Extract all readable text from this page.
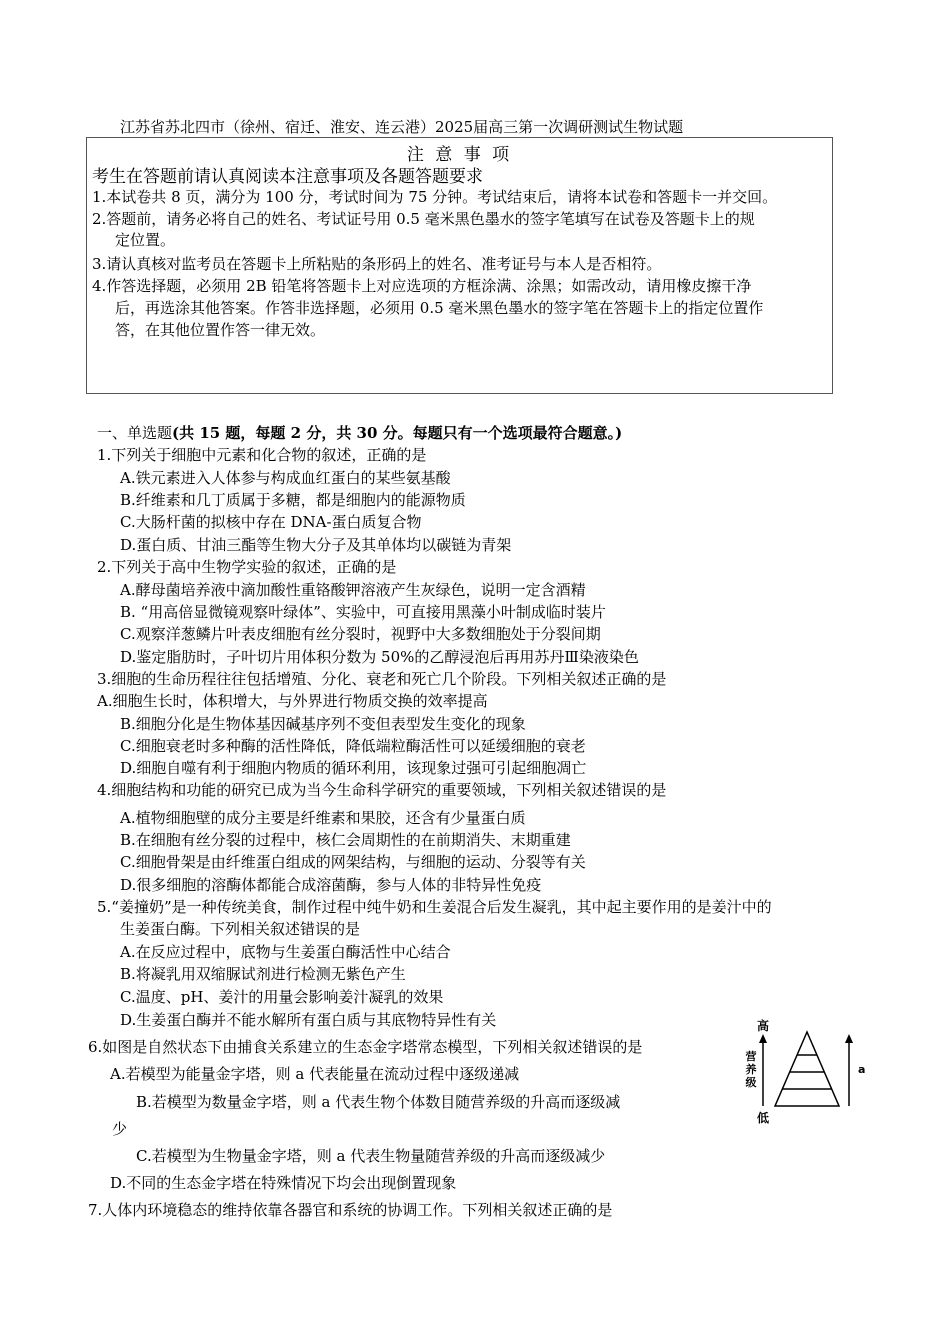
江苏省苏北四市（徐州、宿迁、淮安、连云港）2025届高三第一次调研测试生物试题
注 意 事 项
考生在答题前请认真阅读本注意事项及各题答题要求
1.本试卷共 8 页，满分为 100 分，考试时间为 75 分钟。考试结束后，请将本试卷和答题卡一并交回。
2.答题前，请务必将自己的姓名、考试证号用 0.5 毫米黑色墨水的签字笔填写在试卷及答题卡上的规
定位置。
3.请认真核对监考员在答题卡上所粘贴的条形码上的姓名、准考证号与本人是否相符。
4.作答选择题，必须用 2B 铅笔将答题卡上对应选项的方框涂满、涂黑；如需改动，请用橡皮擦干净
后，再选涂其他答案。作答非选择题，必须用 0.5 毫米黑色墨水的签字笔在答题卡上的指定位置作
答，在其他位置作答一律无效。
一、单选题(共 15 题，每题 2 分，共 30 分。每题只有一个选项最符合题意。)
1.下列关于细胞中元素和化合物的叙述，正确的是
A.铁元素进入人体参与构成血红蛋白的某些氨基酸
B.纤维素和几丁质属于多糖，都是细胞内的能源物质
C.大肠杆菌的拟核中存在 DNA-蛋白质复合物
D.蛋白质、甘油三酯等生物大分子及其单体均以碳链为青架
2.下列关于高中生物学实验的叙述，正确的是
A.酵母菌培养液中滴加酸性重铬酸钾溶液产生灰绿色，说明一定含酒精
B. “用高倍显微镜观察叶绿体”、实验中，可直接用黑藻小叶制成临时装片
C.观察洋葱鳞片叶表皮细胞有丝分裂时，视野中大多数细胞处于分裂间期
D.鉴定脂肪时，子叶切片用体积分数为 50%的乙醇浸泡后再用苏丹Ⅲ染液染色
3.细胞的生命历程往往包括增殖、分化、衰老和死亡几个阶段。下列相关叙述正确的是
A.细胞生长时，体积增大，与外界进行物质交换的效率提高
B.细胞分化是生物体基因碱基序列不变但表型发生变化的现象
C.细胞衰老时多种酶的活性降低，降低端粒酶活性可以延缓细胞的衰老
D.细胞自噬有利于细胞内物质的循环利用，该现象过强可引起细胞凋亡
4.细胞结构和功能的研究已成为当今生命科学研究的重要领域，下列相关叙述错误的是
A.植物细胞壁的成分主要是纤维素和果胶，还含有少量蛋白质
B.在细胞有丝分裂的过程中，核仁会周期性的在前期消失、末期重建
C.细胞骨架是由纤维蛋白组成的网架结构，与细胞的运动、分裂等有关
D.很多细胞的溶酶体都能合成溶菌酶，参与人体的非特异性免疫
5.“姜撞奶”是一种传统美食，制作过程中纯牛奶和生姜混合后发生凝乳，其中起主要作用的是姜汁中的
生姜蛋白酶。下列相关叙述错误的是
A.在反应过程中，底物与生姜蛋白酶活性中心结合
B.将凝乳用双缩脲试剂进行检测无紫色产生
C.温度、pH、姜汁的用量会影响姜汁凝乳的效果
D.生姜蛋白酶并不能水解所有蛋白质与其底物特异性有关
6.如图是自然状态下由捕食关系建立的生态金字塔常态模型，下列相关叙述错误的是
A.若模型为能量金字塔，则 a 代表能量在流动过程中逐级递减
B.若模型为数量金字塔，则 a 代表生物个体数目随营养级的升高而逐级减
少
C.若模型为生物量金字塔，则 a 代表生物量随营养级的升高而逐级减少
D.不同的生态金字塔在特殊情况下均会出现倒置现象
7.人体内环境稳态的维持依靠各器官和系统的协调工作。下列相关叙述正确的是
高
营
养
级
低
a
